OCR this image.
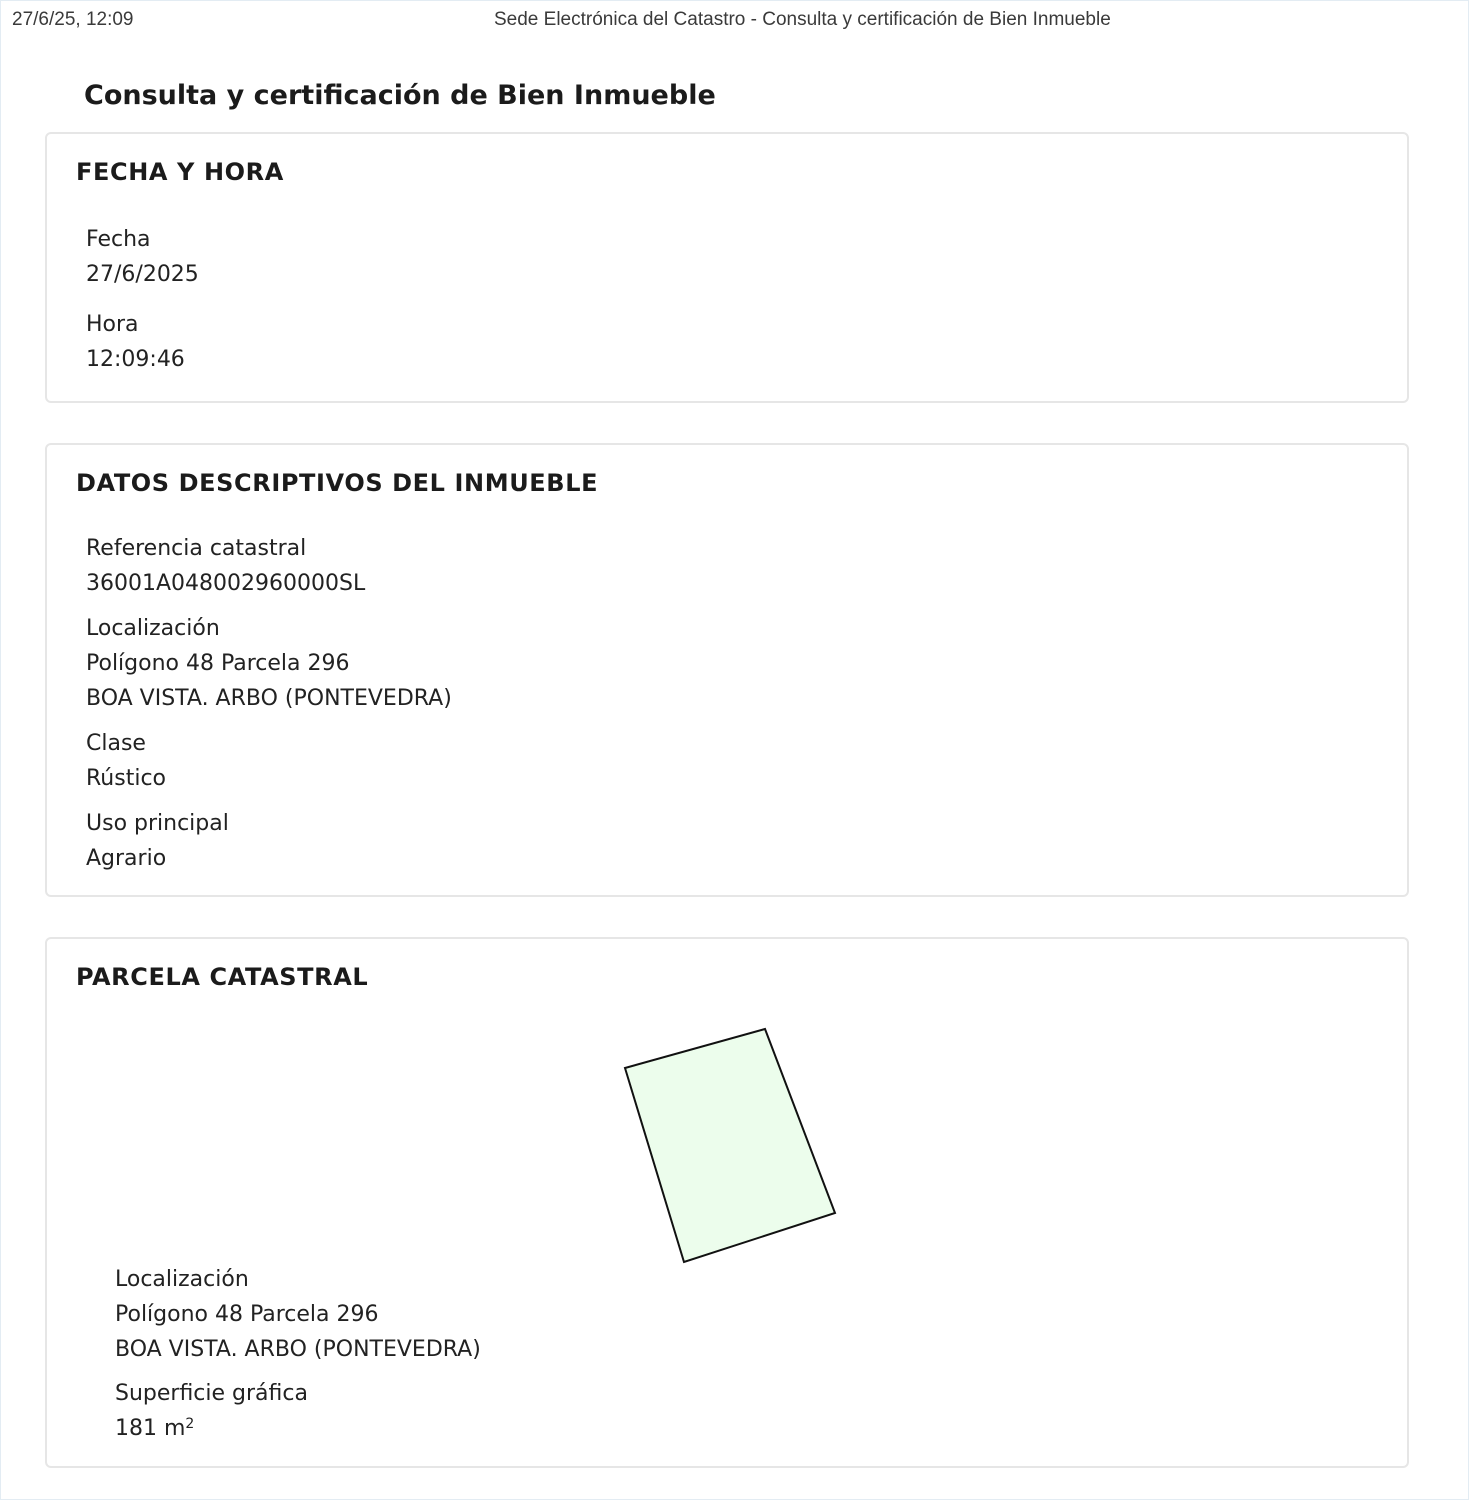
27/6/25, 12:09	Sede Electrónica del Catastro - Consulta y certificación de Bien Inmueble
Consulta y certificación de Bien Inmueble
FECHA Y HORA
Fecha
27/6/2025
Hora
12:09:46
DATOS DESCRIPTIVOS DEL INMUEBLE
Referencia catastral
36001A048002960000SL
Localización
Polígono 48 Parcela 296
BOA VISTA. ARBO (PONTEVEDRA)
Clase
Rústico
Uso principal
Agrario
PARCELA CATASTRAL
Localización
Polígono 48 Parcela 296
BOA VISTA. ARBO (PONTEVEDRA)
Superficie gráfica
181 $m^2$
